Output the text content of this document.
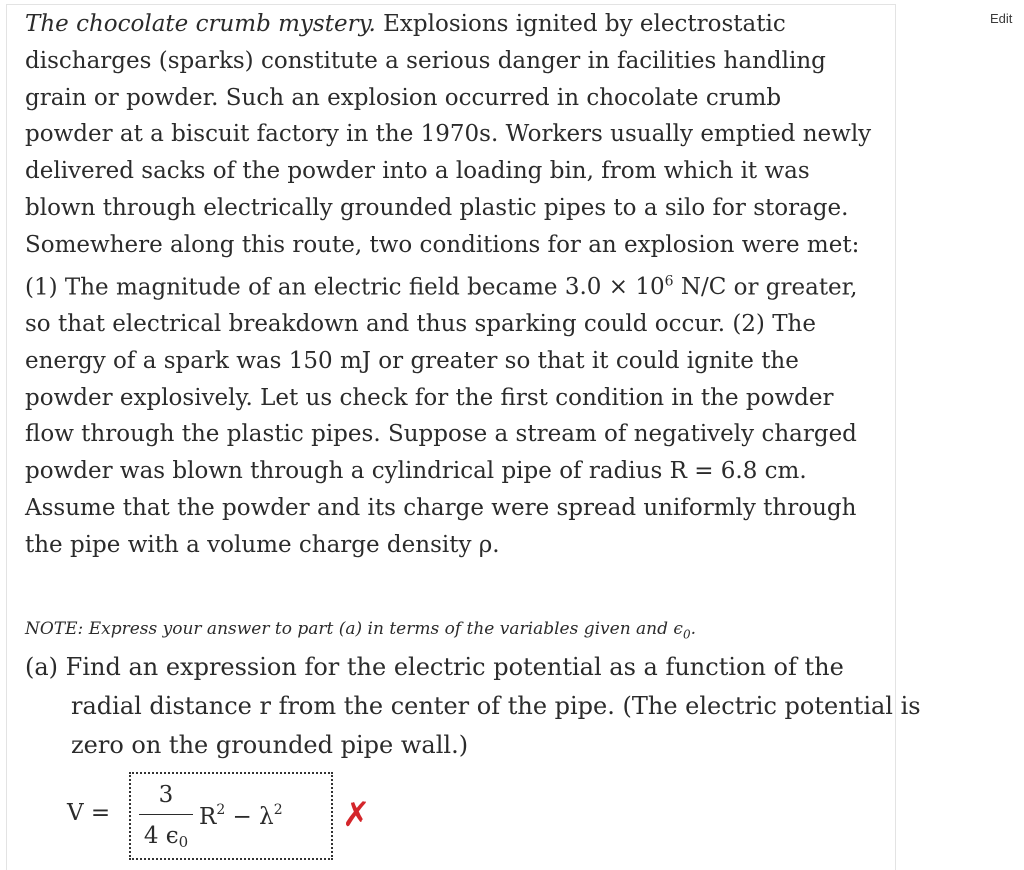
Edit

The chocolate crumb mystery. Explosions ignited by electrostatic discharges (sparks) constitute a serious danger in facilities handling grain or powder. Such an explosion occurred in chocolate crumb powder at a biscuit factory in the 1970s. Workers usually emptied newly delivered sacks of the powder into a loading bin, from which it was blown through electrically grounded plastic pipes to a silo for storage. Somewhere along this route, two conditions for an explosion were met: (1) The magnitude of an electric field became $3.0 \times 10^6$ N/C or greater, so that electrical breakdown and thus sparking could occur. (2) The energy of a spark was 150 mJ or greater so that it could ignite the powder explosively. Let us check for the first condition in the powder flow through the plastic pipes. Suppose a stream of negatively charged powder was blown through a cylindrical pipe of radius R = 6.8 cm. Assume that the powder and its charge were spread uniformly through the pipe with a volume charge density ρ.

NOTE: Express your answer to part (a) in terms of the variables given and $\epsilon_0$.

(a) Find an expression for the electric potential as a function of the radial distance r from the center of the pipe. (The electric potential is zero on the grounded pipe wall.)

V =
3
4 $\epsilon_0$
$R^2 - \lambda^2$ ✗
